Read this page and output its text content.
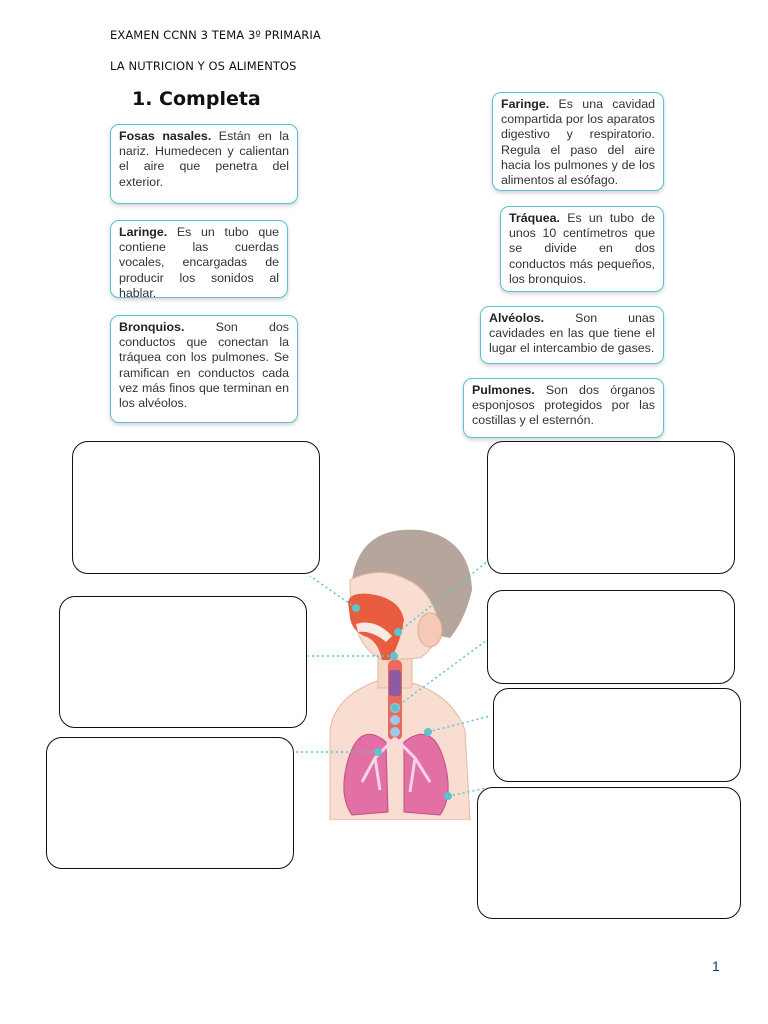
EXAMEN CCNN 3 TEMA 3º PRIMARIA
LA NUTRICION Y OS ALIMENTOS
1. Completa
Fosas nasales. Están en la nariz. Humedecen y calientan el aire que penetra del exterior.
Laringe. Es un tubo que contiene las cuerdas vocales, encargadas de producir los sonidos al hablar.
Bronquios. Son dos conductos que conectan la tráquea con los pulmones. Se ramifican en conductos cada vez más finos que terminan en los alvéolos.
Faringe. Es una cavidad compartida por los aparatos digestivo y respiratorio. Regula el paso del aire hacia los pulmones y de los alimentos al esófago.
Tráquea. Es un tubo de unos 10 centímetros que se divide en dos conductos más pequeños, los bronquios.
Alvéolos. Son unas cavidades en las que tiene el lugar el intercambio de gases.
Pulmones. Son dos órganos esponjosos protegidos por las costillas y el esternón.
1
